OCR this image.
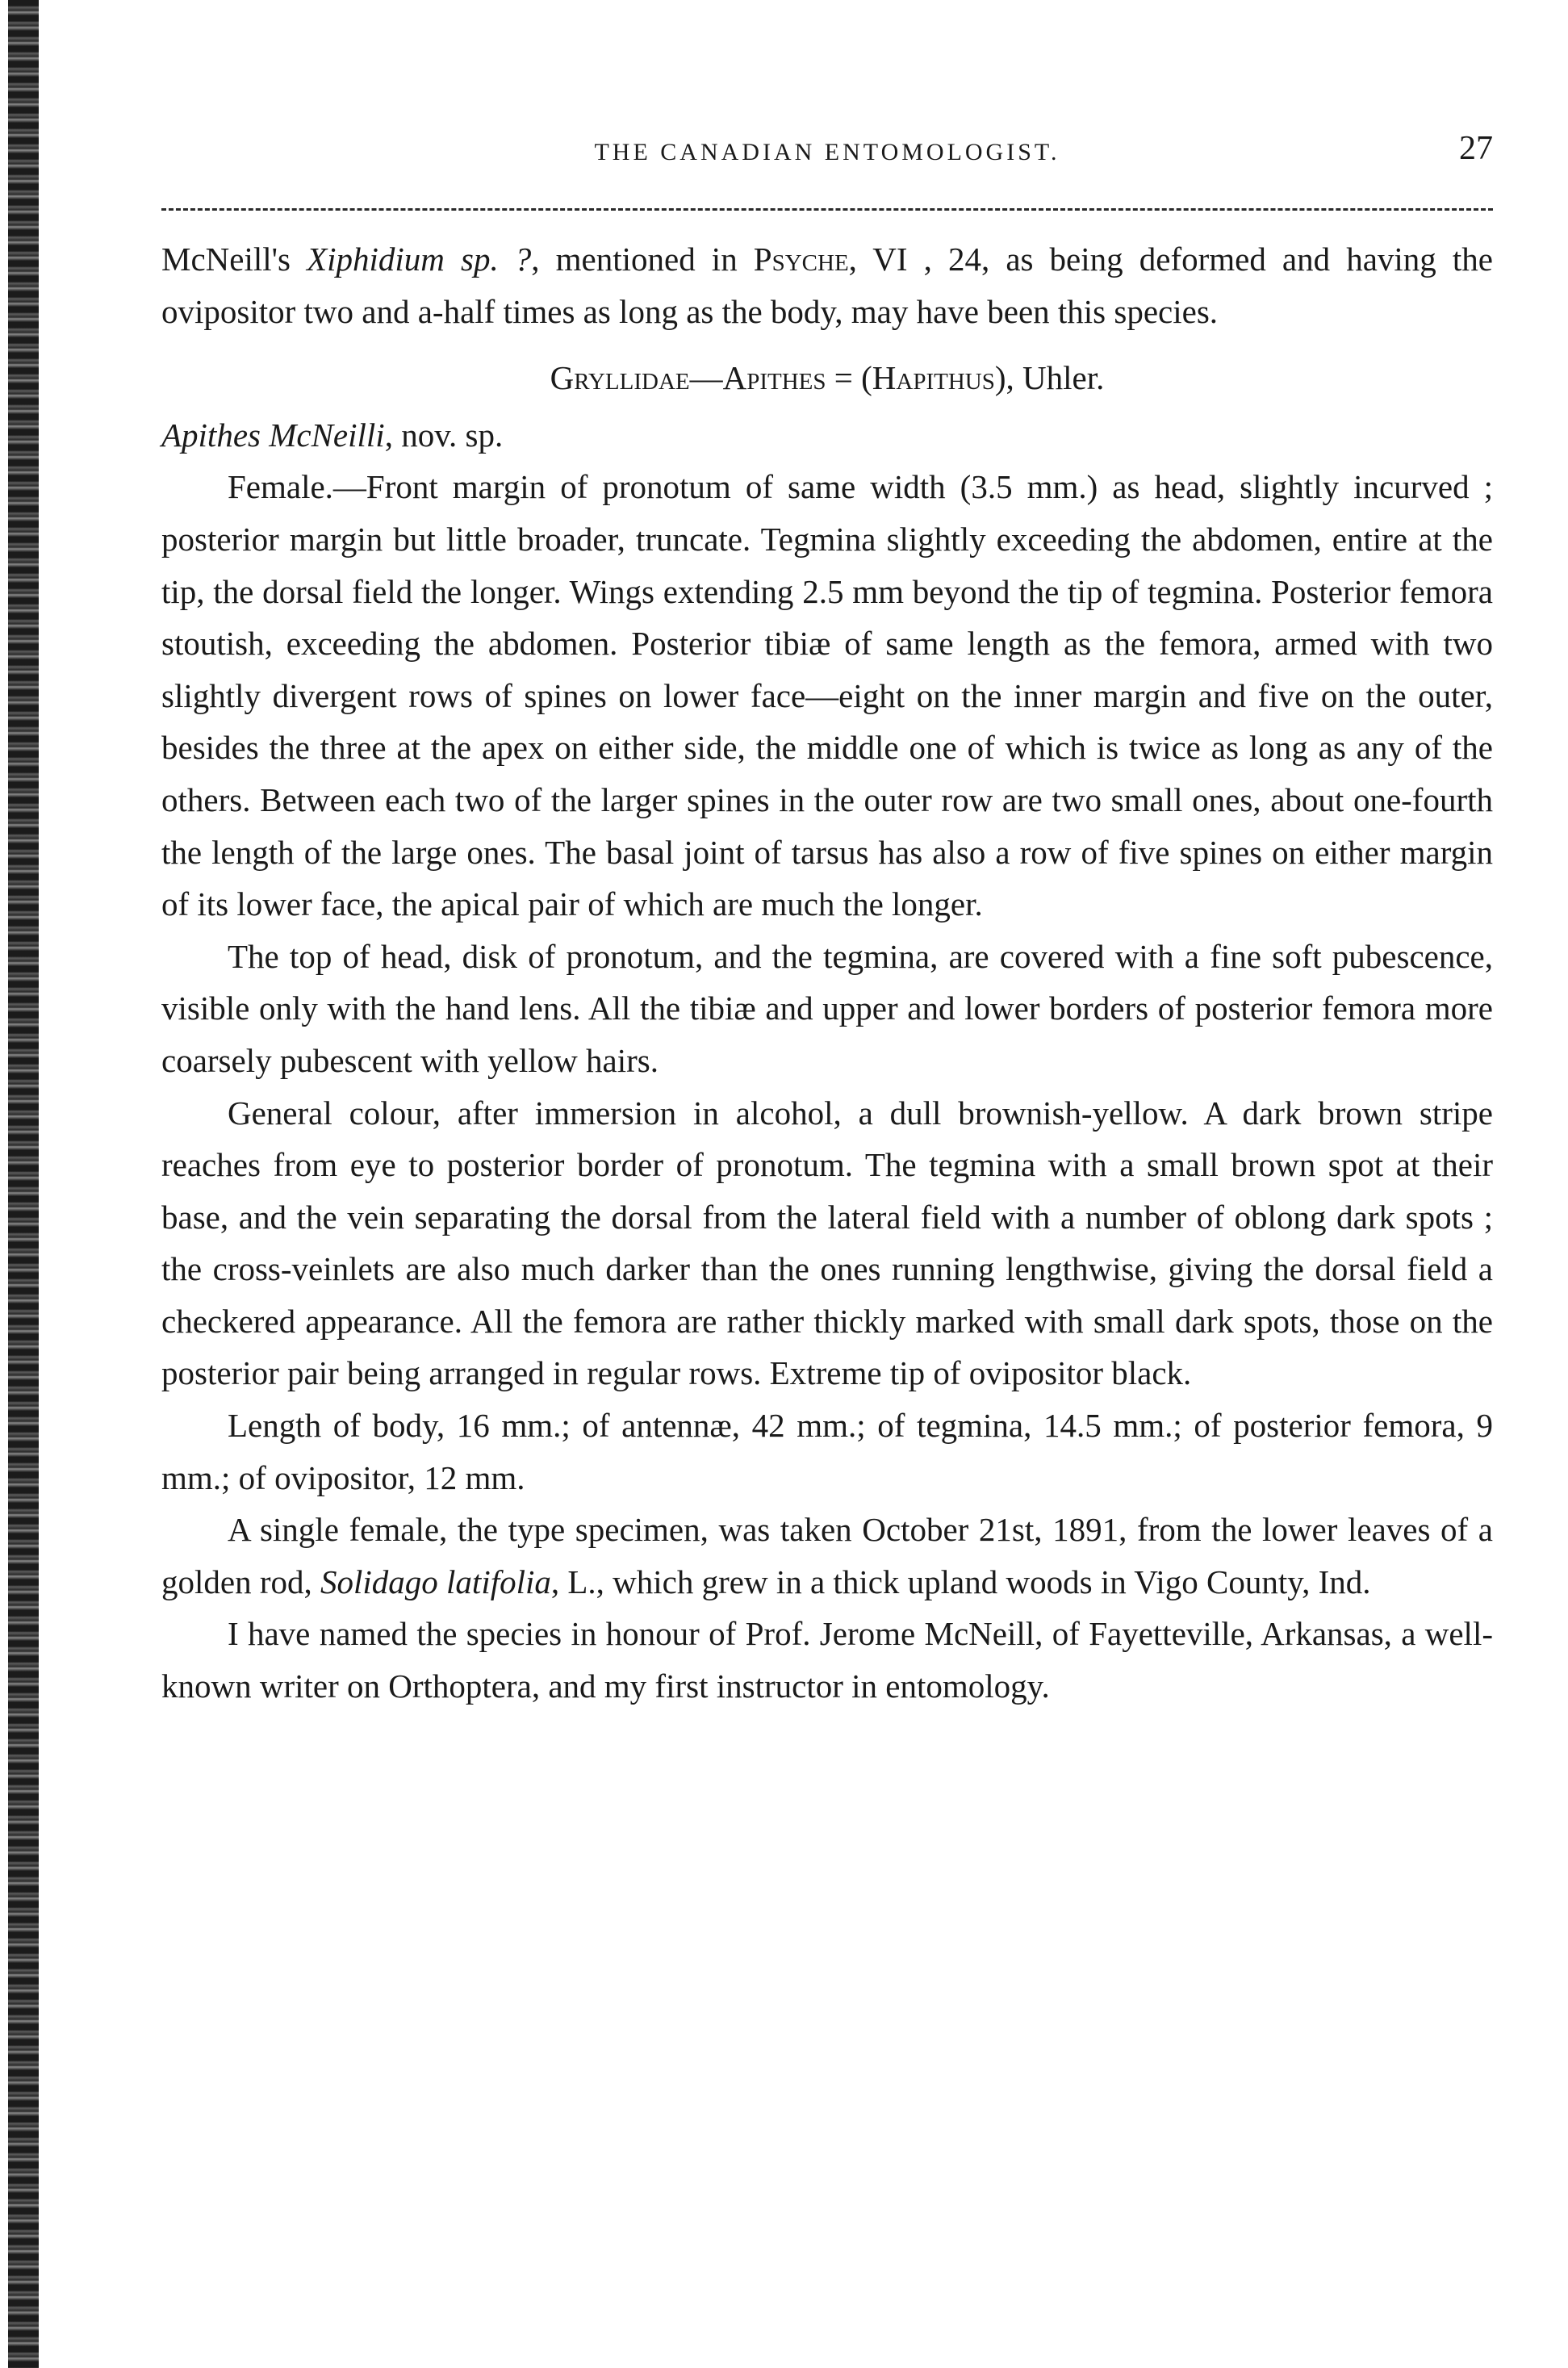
THE CANADIAN ENTOMOLOGIST.	27

McNeill's Xiphidium sp. ?, mentioned in Psyche, VI , 24, as being deformed and having the ovipositor two and a-half times as long as the body, may have been this species.

Gryllidae—Apithes = (Hapithus), Uhler.

Apithes McNeilli, nov. sp.

Female.—Front margin of pronotum of same width (3.5 mm.) as head, slightly incurved ; posterior margin but little broader, truncate. Tegmina slightly exceeding the abdomen, entire at the tip, the dorsal field the longer. Wings extending 2.5 mm beyond the tip of tegmina. Posterior femora stoutish, exceeding the abdomen. Posterior tibiæ of same length as the femora, armed with two slightly divergent rows of spines on lower face—eight on the inner margin and five on the outer, besides the three at the apex on either side, the middle one of which is twice as long as any of the others. Between each two of the larger spines in the outer row are two small ones, about one-fourth the length of the large ones. The basal joint of tarsus has also a row of five spines on either margin of its lower face, the apical pair of which are much the longer.

The top of head, disk of pronotum, and the tegmina, are covered with a fine soft pubescence, visible only with the hand lens. All the tibiæ and upper and lower borders of posterior femora more coarsely pubescent with yellow hairs.

General colour, after immersion in alcohol, a dull brownish-yellow. A dark brown stripe reaches from eye to posterior border of pronotum. The tegmina with a small brown spot at their base, and the vein separating the dorsal from the lateral field with a number of oblong dark spots ; the cross-veinlets are also much darker than the ones running lengthwise, giving the dorsal field a checkered appearance. All the femora are rather thickly marked with small dark spots, those on the posterior pair being arranged in regular rows. Extreme tip of ovipositor black.

Length of body, 16 mm.; of antennæ, 42 mm.; of tegmina, 14.5 mm.; of posterior femora, 9 mm.; of ovipositor, 12 mm.

A single female, the type specimen, was taken October 21st, 1891, from the lower leaves of a golden rod, Solidago latifolia, L., which grew in a thick upland woods in Vigo County, Ind.

I have named the species in honour of Prof. Jerome McNeill, of Fayetteville, Arkansas, a well-known writer on Orthoptera, and my first instructor in entomology.
